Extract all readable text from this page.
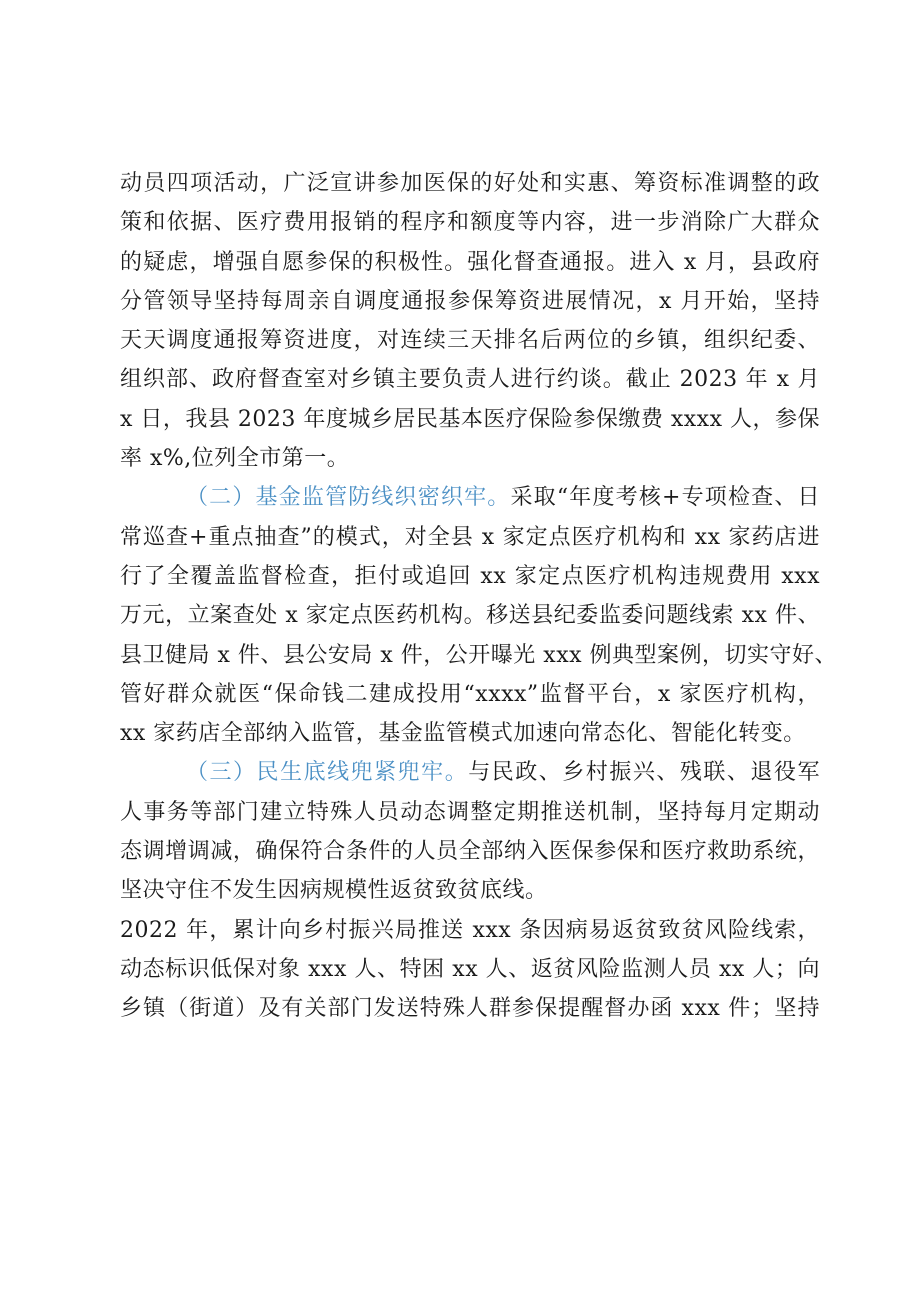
动员四项活动，广泛宣讲参加医保的好处和实惠、筹资标准调整的政
策和依据、医疗费用报销的程序和额度等内容，进一步消除广大群众
的疑虑，增强自愿参保的积极性。强化督查通报。进入 x 月，县政府
分管领导坚持每周亲自调度通报参保筹资进展情况，x 月开始，坚持
天天调度通报筹资进度，对连续三天排名后两位的乡镇，组织纪委、
组织部、政府督查室对乡镇主要负责人进行约谈。截止 2023 年 x 月
x 日，我县 2023 年度城乡居民基本医疗保险参保缴费 xxxx 人，参保
率 x%,位列全市第一。
（二）基金监管防线织密织牢。采取“年度考核+专项检查、日
常巡查+重点抽查”的模式，对全县 x 家定点医疗机构和 xx 家药店进
行了全覆盖监督检查，拒付或追回 xx 家定点医疗机构违规费用 xxx
万元，立案查处 x 家定点医药机构。移送县纪委监委问题线索 xx 件、
县卫健局 x 件、县公安局 x 件，公开曝光 xxx 例典型案例，切实守好、
管好群众就医“保命钱二建成投用“xxxx”监督平台，x 家医疗机构，
xx 家药店全部纳入监管，基金监管模式加速向常态化、智能化转变。
（三）民生底线兜紧兜牢。与民政、乡村振兴、残联、退役军
人事务等部门建立特殊人员动态调整定期推送机制，坚持每月定期动
态调增调减，确保符合条件的人员全部纳入医保参保和医疗救助系统，
坚决守住不发生因病规模性返贫致贫底线。
2022 年，累计向乡村振兴局推送 xxx 条因病易返贫致贫风险线索，
动态标识低保对象 xxx 人、特困 xx 人、返贫风险监测人员 xx 人；向
乡镇（街道）及有关部门发送特殊人群参保提醒督办函 xxx 件；坚持
